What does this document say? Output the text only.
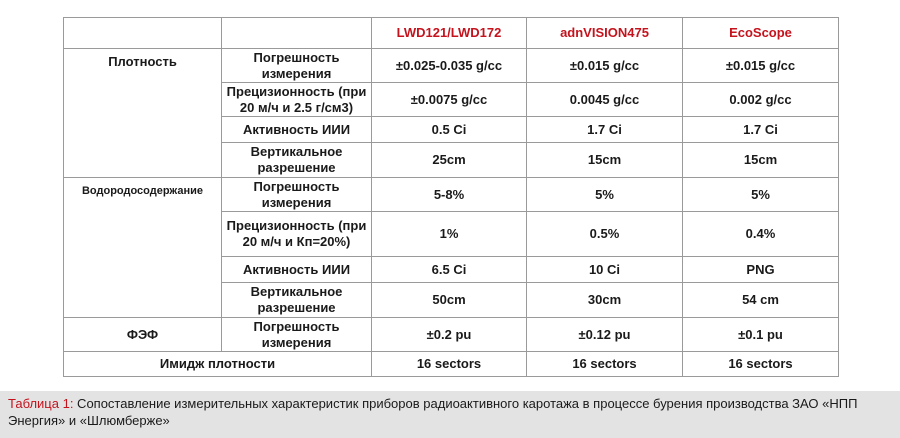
		LWD121/LWD172	adnVISION475	EcoScope
Плотность	Погрешность измерения	±0.025-0.035 g/cc	±0.015 g/cc	±0.015 g/cc
	Прецизионность (при 20 м/ч и 2.5 г/см3)	±0.0075 g/cc	0.0045 g/cc	0.002 g/cc
	Активность ИИИ	0.5 Ci	1.7 Ci	1.7 Ci
	Вертикальное разрешение	25cm	15cm	15cm
Водородосодержание	Погрешность измерения	5-8%	5%	5%
	Прецизионность (при 20 м/ч и Кп=20%)	1%	0.5%	0.4%
	Активность ИИИ	6.5 Ci	10 Ci	PNG
	Вертикальное разрешение	50cm	30cm	54 cm
ФЭФ	Погрешность измерения	±0.2 pu	±0.12 pu	±0.1 pu
Имидж плотности		16 sectors	16 sectors	16 sectors
Таблица 1: Сопоставление измерительных характеристик приборов радиоактивного каротажа в процессе бурения производства ЗАО «НПП Энергия» и «Шлюмберже»
